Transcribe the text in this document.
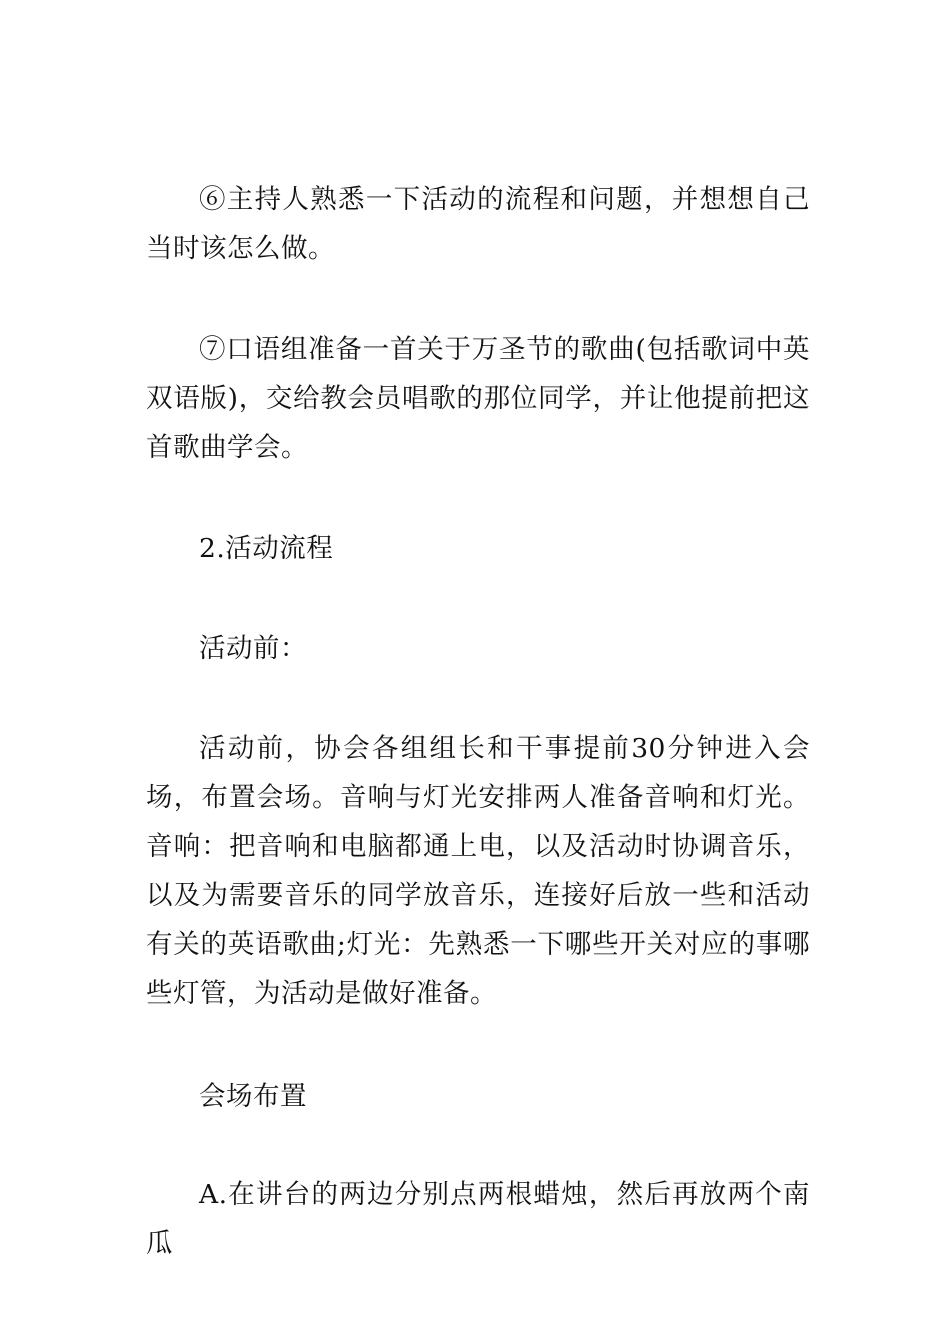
⑥主持人熟悉一下活动的流程和问题，并想想自己当时该怎么做。

⑦口语组准备一首关于万圣节的歌曲(包括歌词中英双语版)，交给教会员唱歌的那位同学，并让他提前把这首歌曲学会。

2.活动流程

活动前：

活动前，协会各组组长和干事提前30分钟进入会场，布置会场。音响与灯光安排两人准备音响和灯光。音响：把音响和电脑都通上电，以及活动时协调音乐，以及为需要音乐的同学放音乐，连接好后放一些和活动有关的英语歌曲;灯光：先熟悉一下哪些开关对应的事哪些灯管，为活动是做好准备。

会场布置

A.在讲台的两边分别点两根蜡烛，然后再放两个南瓜
